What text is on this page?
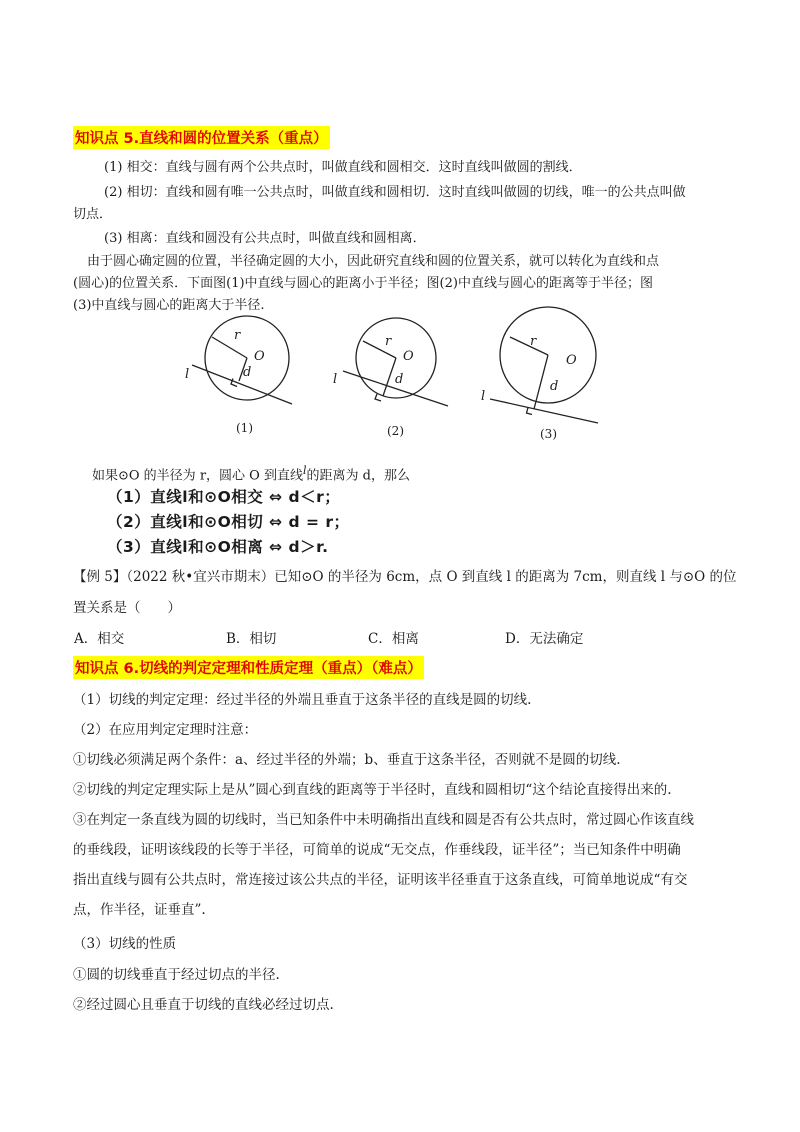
知识点 5.直线和圆的位置关系（重点）
(1) 相交：直线与圆有两个公共点时，叫做直线和圆相交．这时直线叫做圆的割线．
(2) 相切：直线和圆有唯一公共点时，叫做直线和圆相切．这时直线叫做圆的切线，唯一的公共点叫做
切点．
(3) 相离：直线和圆没有公共点时，叫做直线和圆相离．
由于圆心确定圆的位置，半径确定圆的大小，因此研究直线和圆的位置关系，就可以转化为直线和点
(圆心)的位置关系．下面图(1)中直线与圆心的距离小于半径；图(2)中直线与圆心的距离等于半径；图
(3)中直线与圆心的距离大于半径.
r
O
d
l
r
O
d
l
r
O
d
l
(1)	(2)	(3)
如果⊙O 的半径为 r，圆心 O 到直线$^l$的距离为 d，那么
（1）直线l和⊙O相交 ⇔ d＜r；
（2）直线l和⊙O相切 ⇔ d = r；
（3）直线l和⊙O相离 ⇔ d＞r.
【例 5】（2022 秋•宜兴市期末）已知⊙O 的半径为 6cm，点 O 到直线 l 的距离为 7cm，则直线 l 与⊙O 的位
置关系是（　　）
A．相交	B．相切	C．相离	D．无法确定
知识点 6.切线的判定定理和性质定理（重点）（难点）
（1）切线的判定定理：经过半径的外端且垂直于这条半径的直线是圆的切线.
（2）在应用判定定理时注意：
①切线必须满足两个条件：a、经过半径的外端；b、垂直于这条半径，否则就不是圆的切线.
②切线的判定定理实际上是从”圆心到直线的距离等于半径时，直线和圆相切“这个结论直接得出来的.
③在判定一条直线为圆的切线时，当已知条件中未明确指出直线和圆是否有公共点时，常过圆心作该直线
的垂线段，证明该线段的长等于半径，可简单的说成“无交点，作垂线段，证半径”；当已知条件中明确
指出直线与圆有公共点时，常连接过该公共点的半径，证明该半径垂直于这条直线，可简单地说成“有交
点，作半径，证垂直”.
（3）切线的性质
①圆的切线垂直于经过切点的半径.
②经过圆心且垂直于切线的直线必经过切点.
